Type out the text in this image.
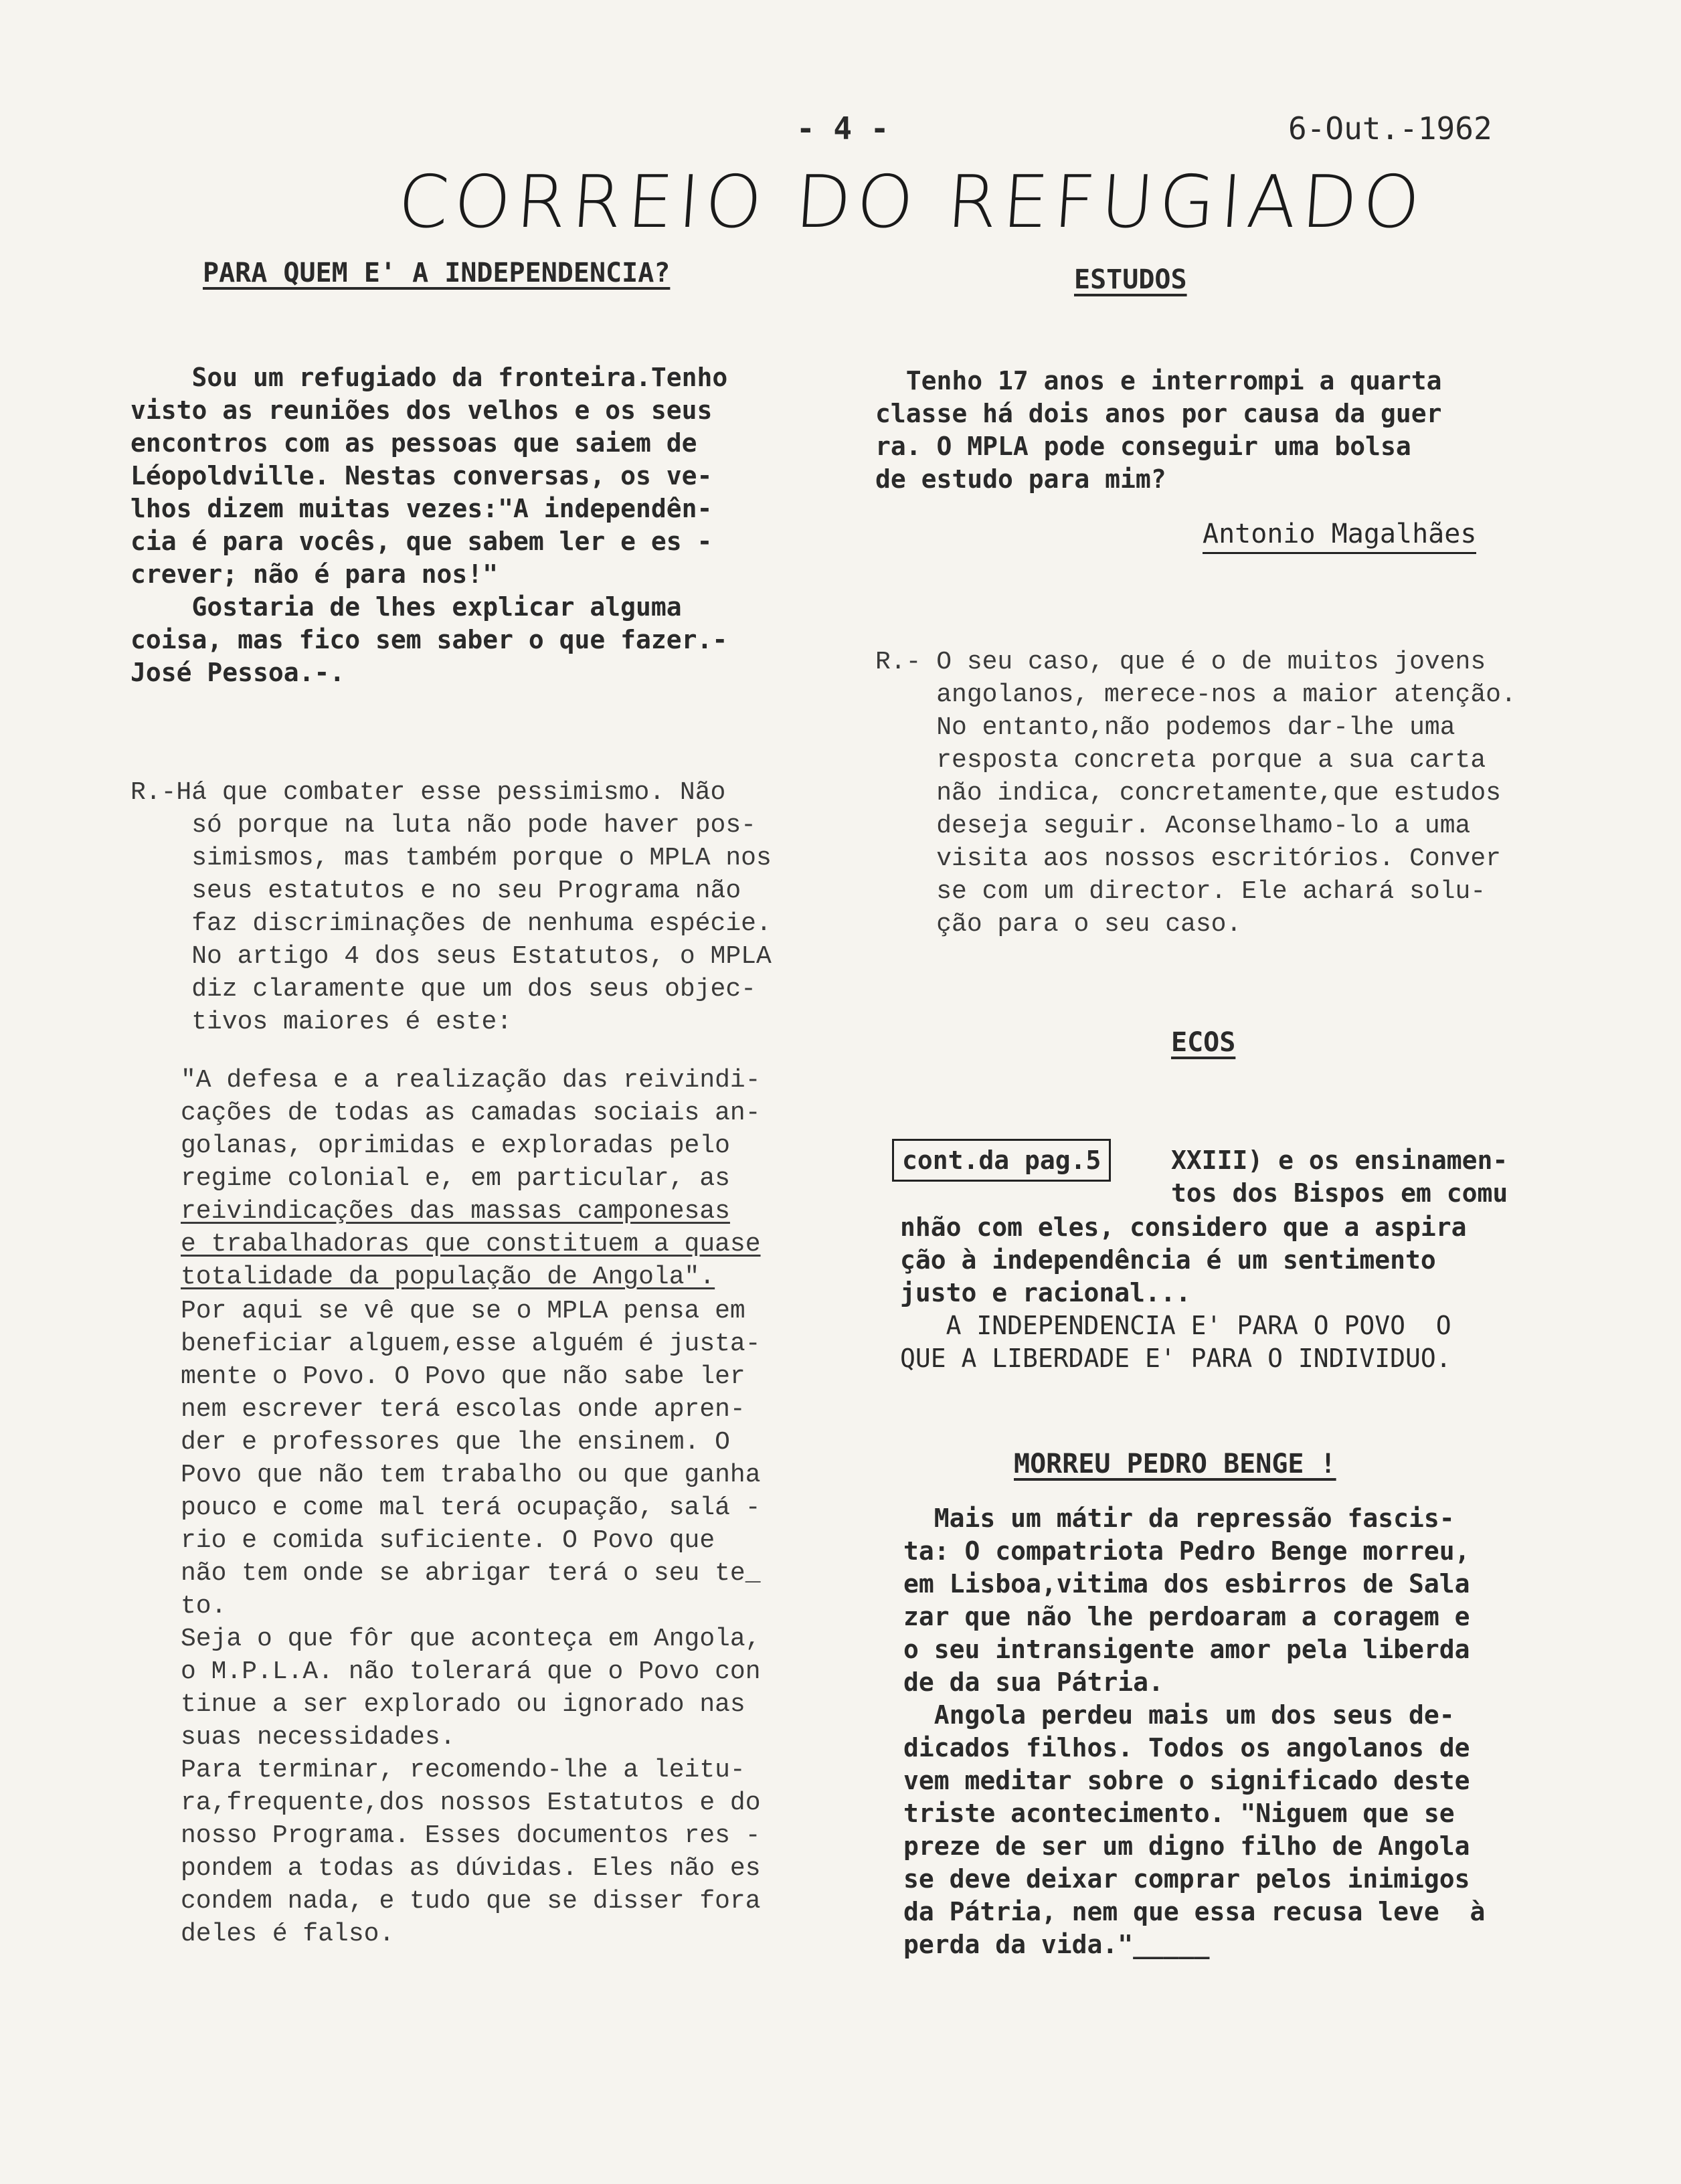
- 4 -	6-Out.-1962
CORREIO DO REFUGIADO
PARA QUEM E' A INDEPENDENCIA?
Sou um refugiado da fronteira.Tenho
visto as reuniões dos velhos e os seus
encontros com as pessoas que saiem de
Léopoldville. Nestas conversas, os ve-
lhos dizem muitas vezes:"A independên-
cia é para vocês, que sabem ler e es -
crever; não é para nos!"
Gostaria de lhes explicar alguma
coisa, mas fico sem saber o que fazer.-
José Pessoa.-.
R.-Há que combater esse pessimismo. Não
só porque na luta não pode haver pos-
simismos, mas também porque o MPLA nos
seus estatutos e no seu Programa não
faz discriminações de nenhuma espécie.
No artigo 4 dos seus Estatutos, o MPLA
diz claramente que um dos seus objec-
tivos maiores é este:
"A defesa e a realização das reivindi-
cações de todas as camadas sociais an-
golanas, oprimidas e exploradas pelo
regime colonial e, em particular, as
reivindicações das massas camponesas
e trabalhadoras que constituem a quase
totalidade da população de Angola".
Por aqui se vê que se o MPLA pensa em
beneficiar alguem,esse alguém é justa-
mente o Povo. O Povo que não sabe ler
nem escrever terá escolas onde apren-
der e professores que lhe ensinem. O
Povo que não tem trabalho ou que ganha
pouco e come mal terá ocupação, salá -
rio e comida suficiente. O Povo que
não tem onde se abrigar terá o seu te_
to.
Seja o que fôr que aconteça em Angola,
o M.P.L.A. não tolerará que o Povo con
tinue a ser explorado ou ignorado nas
suas necessidades.
Para terminar, recomendo-lhe a leitu-
ra,frequente,dos nossos Estatutos e do
nosso Programa. Esses documentos res -
pondem a todas as dúvidas. Eles não es
condem nada, e tudo que se disser fora
deles é falso.
ESTUDOS
Tenho 17 anos e interrompi a quarta
classe há dois anos por causa da guer
ra. O MPLA pode conseguir uma bolsa
de estudo para mim?
Antonio Magalhães
R.- O seu caso, que é o de muitos jovens
angolanos, merece-nos a maior atenção.
No entanto,não podemos dar-lhe uma
resposta concreta porque a sua carta
não indica, concretamente,que estudos
deseja seguir. Aconselhamo-lo a uma
visita aos nossos escritórios. Conver
se com um director. Ele achará solu-
ção para o seu caso.
ECOS
cont.da pag.5	XXIII) e os ensinamen-
tos dos Bispos em comu
nhão com eles, considero que a aspira
ção à independência é um sentimento
justo e racional...
A INDEPENDENCIA E' PARA O POVO  O
QUE A LIBERDADE E' PARA O INDIVIDUO.
MORREU PEDRO BENGE !
Mais um mátir da repressão fascis-
ta: O compatriota Pedro Benge morreu,
em Lisboa,vitima dos esbirros de Sala
zar que não lhe perdoaram a coragem e
o seu intransigente amor pela liberda
de da sua Pátria.
Angola perdeu mais um dos seus de-
dicados filhos. Todos os angolanos de
vem meditar sobre o significado deste
triste acontecimento. "Niguem que se
preze de ser um digno filho de Angola
se deve deixar comprar pelos inimigos
da Pátria, nem que essa recusa leve  à
perda da vida."_____
